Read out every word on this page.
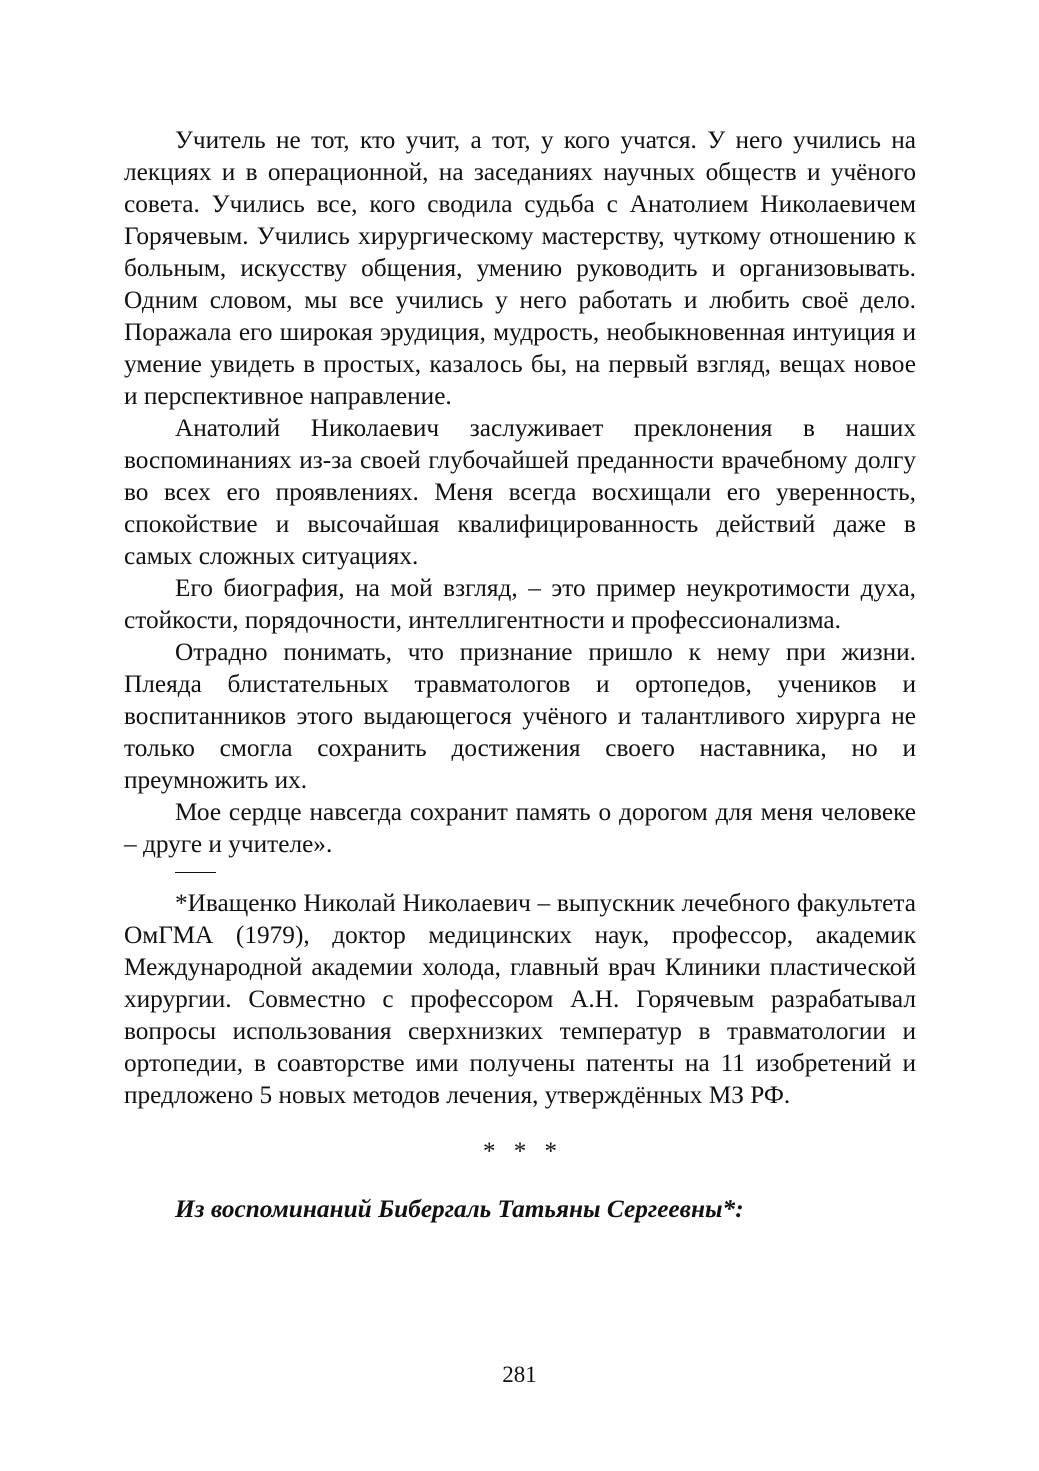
Учитель не тот, кто учит, а тот, у кого учатся. У него учились на лекциях и в операционной, на заседаниях научных обществ и учёного совета. Учились все, кого сводила судьба с Анатолием Николаевичем Горячевым. Учились хирургическому мастерству, чуткому отношению к больным, искусству общения, умению руководить и организовывать. Одним словом, мы все учились у него работать и любить своё дело. Поражала его широкая эрудиция, мудрость, необыкновенная интуиция и умение увидеть в простых, казалось бы, на первый взгляд, вещах новое и перспективное направление.

Анатолий Николаевич заслуживает преклонения в наших воспоминаниях из-за своей глубочайшей преданности врачебному долгу во всех его проявлениях. Меня всегда восхищали его уверенность, спокойствие и высочайшая квалифицированность действий даже в самых сложных ситуациях.

Его биография, на мой взгляд, – это пример неукротимости духа, стойкости, порядочности, интеллигентности и профессионализма.

Отрадно понимать, что признание пришло к нему при жизни. Плеяда блистательных травматологов и ортопедов, учеников и воспитанников этого выдающегося учёного и талантливого хирурга не только смогла сохранить достижения своего наставника, но и преумножить их.

Мое сердце навсегда сохранит память о дорогом для меня человеке – друге и учителе».

*Иващенко Николай Николаевич – выпускник лечебного факультета ОмГМА (1979), доктор медицинских наук, профессор, академик Международной академии холода, главный врач Клиники пластической хирургии. Совместно с профессором А.Н. Горячевым разрабатывал вопросы использования сверхнизких температур в травматологии и ортопедии, в соавторстве ими получены патенты на 11 изобретений и предложено 5 новых методов лечения, утверждённых МЗ РФ.

* * *

Из воспоминаний Бибергаль Татьяны Сергеевны*:

281
